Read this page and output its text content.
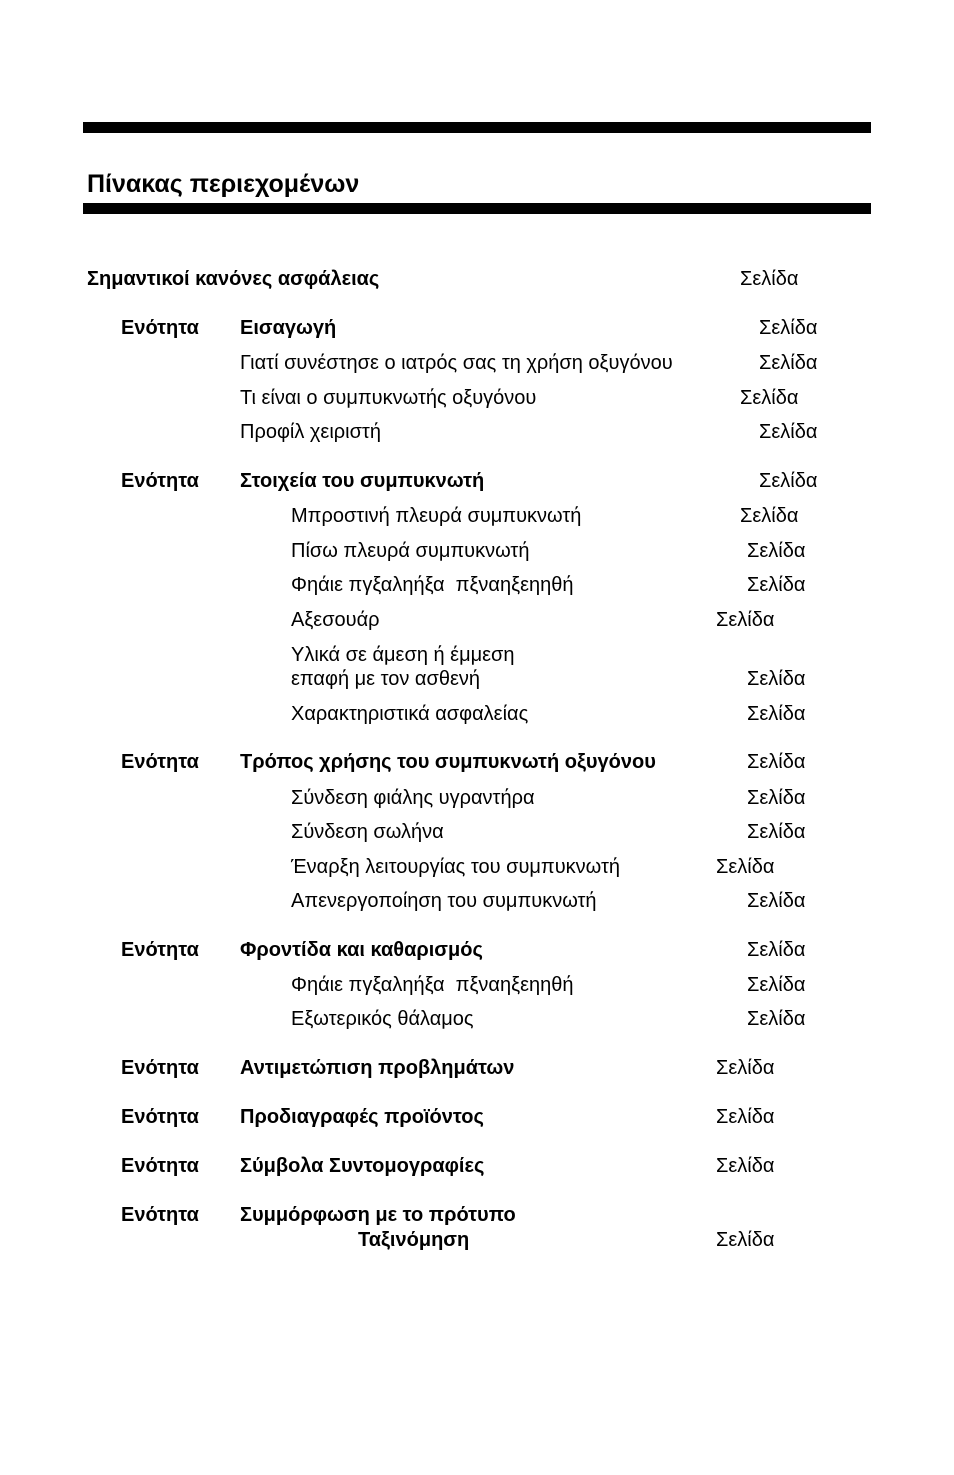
Πίνακας περιεχομένων
Σημαντικοί κανόνες ασφάλειας	Σελίδα
Ενότητα Εισαγωγή	Σελίδα
Γιατί συνέστησε ο ιατρός σας τη χρήση οξυγόνου	Σελίδα
Τι είναι ο συμπυκνωτής οξυγόνου	Σελίδα
Προφίλ χειριστή	Σελίδα
Ενότητα Στοιχεία του συμπυκνωτή	Σελίδα
Μπροστινή πλευρά συμπυκνωτή	Σελίδα
Πίσω πλευρά συμπυκνωτή	Σελίδα
Φηάιε πγξαληήξα  πξναηξεηηθή	Σελίδα
Αξεσουάρ	Σελίδα
Υλικά σε άμεση ή έμμεση
επαφή με τον ασθενή	Σελίδα
Χαρακτηριστικά ασφαλείας	Σελίδα
Ενότητα Τρόπος χρήσης του συμπυκνωτή οξυγόνου	Σελίδα
Σύνδεση φιάλης υγραντήρα	Σελίδα
Σύνδεση σωλήνα	Σελίδα
Έναρξη λειτουργίας του συμπυκνωτή	Σελίδα
Απενεργοποίηση του συμπυκνωτή	Σελίδα
Ενότητα Φροντίδα και καθαρισμός	Σελίδα
Φηάιε πγξαληήξα  πξναηξεηηθή	Σελίδα
Εξωτερικός θάλαμος	Σελίδα
Ενότητα Αντιμετώπιση προβλημάτων	Σελίδα
Ενότητα Προδιαγραφές προϊόντος	Σελίδα
Ενότητα Σύμβολα Συντομογραφίες	Σελίδα
Ενότητα Συμμόρφωση με το πρότυπο
Ταξινόμηση	Σελίδα
